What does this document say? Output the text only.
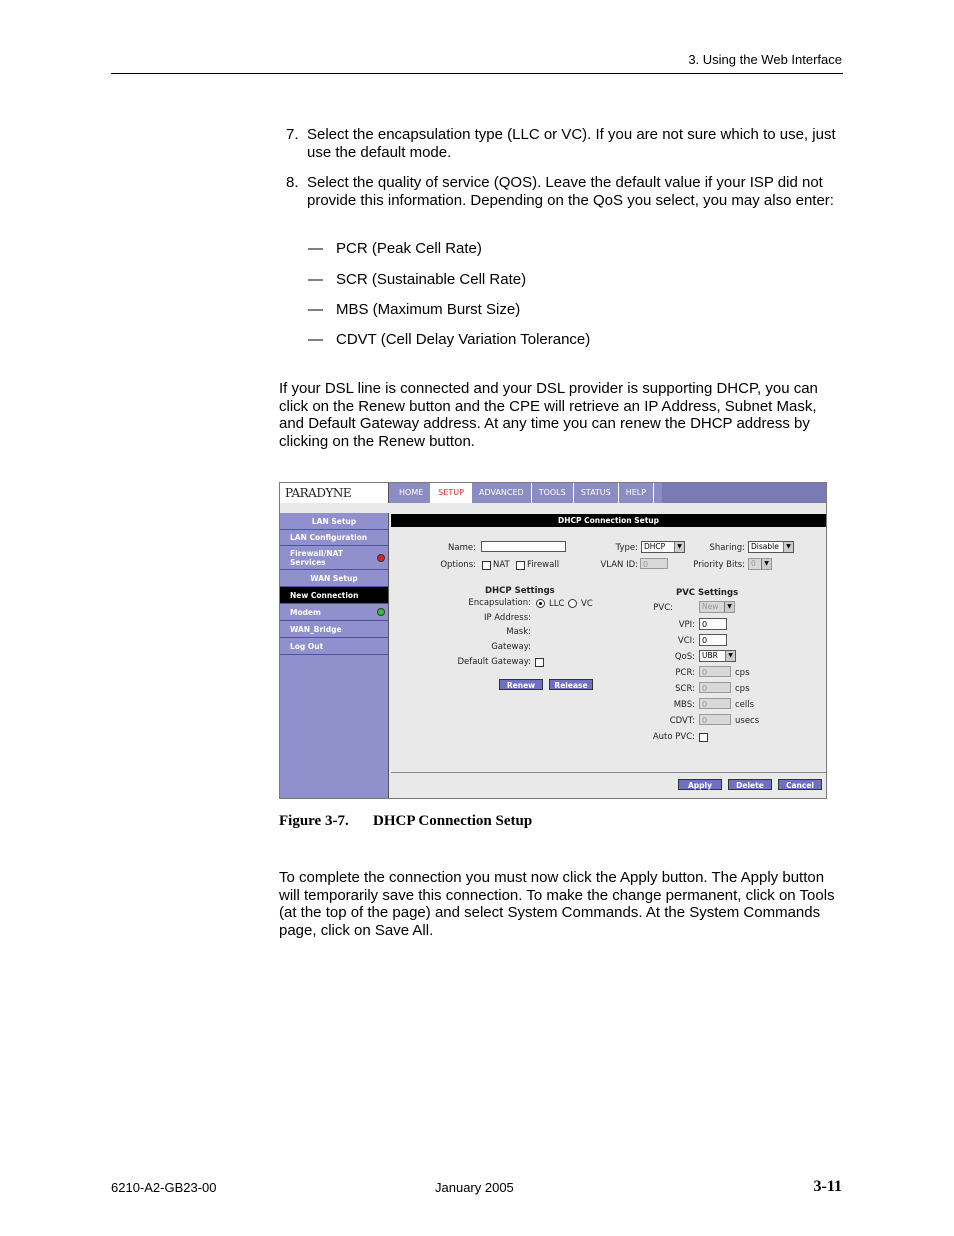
3. Using the Web Interface
7. Select the encapsulation type (LLC or VC). If you are not sure which to use, just use the default mode.
8. Select the quality of service (QOS). Leave the default value if your ISP did not provide this information. Depending on the QoS you select, you may also enter:
— PCR (Peak Cell Rate)
— SCR (Sustainable Cell Rate)
— MBS (Maximum Burst Size)
— CDVT (Cell Delay Variation Tolerance)
If your DSL line is connected and your DSL provider is supporting DHCP, you can click on the Renew button and the CPE will retrieve an IP Address, Subnet Mask, and Default Gateway address. At any time you can renew the DHCP address by clicking on the Renew button.
PARADYNE	HOME	SETUP	ADVANCED	TOOLS	STATUS	HELP
LAN Setup
LAN Configuration
Firewall/NAT Services
WAN Setup
New Connection
Modem
WAN_Bridge
Log Out
DHCP Connection Setup
Name:	Type: DHCP	▼	Sharing: Disable	▼
Options: NAT Firewall	VLAN ID: 0	Priority Bits: 0	▼
DHCP Settings
Encapsulation: LLC VC
IP Address:
Mask:
Gateway:
Default Gateway:
Renew	Release
PVC Settings
PVC:	New	▼
VPI: 0
VCI: 0
QoS: UBR	▼
PCR: 0	cps
SCR: 0	cps
MBS: 0	cells
CDVT: 0	usecs
Auto PVC:
Apply	Delete	Cancel
Figure 3-7. DHCP Connection Setup
To complete the connection you must now click the Apply button. The Apply button will temporarily save this connection. To make the change permanent, click on Tools (at the top of the page) and select System Commands. At the System Commands page, click on Save All.
6210-A2-GB23-00	January 2005	3-11
